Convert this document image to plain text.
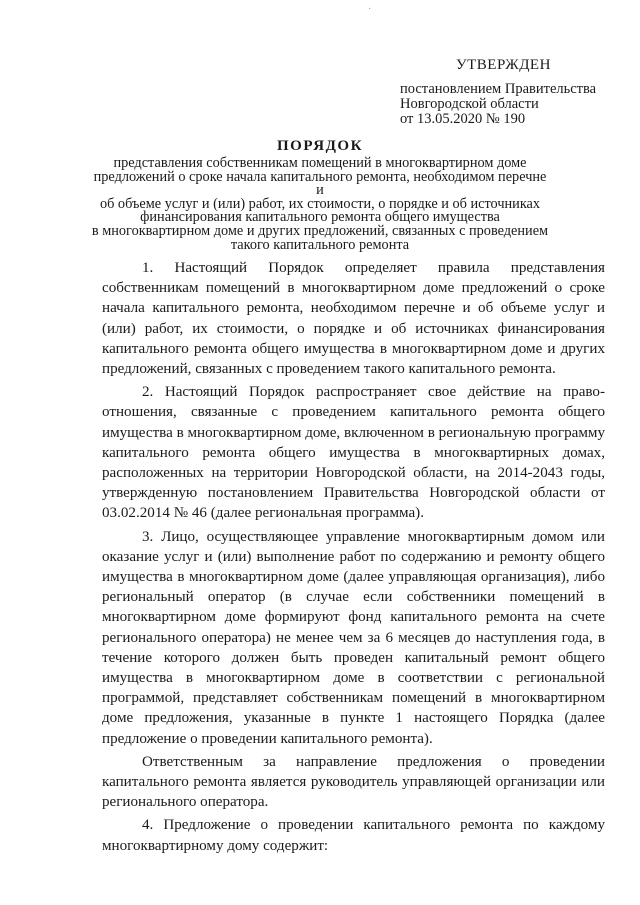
·
УТВЕРЖДЕН
постановлением Правительства
Новгородской области
от 13.05.2020 № 190
ПОРЯДОК
представления собственникам помещений в многоквартирном доме
предложений о сроке начала капитального ремонта, необходимом перечне и
об объеме услуг и (или) работ, их стоимости, о порядке и об источниках
финансирования капитального ремонта общего имущества
в многоквартирном доме и других предложений, связанных с проведением
такого капитального ремонта

1. Настоящий Порядок определяет правила представления собственникам помещений в многоквартирном доме предложений о сроке начала капитального ремонта, необходимом перечне и об объеме услуг и (или) работ, их стоимости, о порядке и об источниках финансирования капитального ремонта общего имущества в многоквартирном доме и других предложений, связанных с проведением такого капитального ремонта.

2. Настоящий Порядок распространяет свое действие на право-отношения, связанные с проведением капитального ремонта общего имущества в многоквартирном доме, включенном в региональную программу капитального ремонта общего имущества в многоквартирных домах, расположенных на территории Новгородской области, на 2014-2043 годы, утвержденную постановлением Правительства Новгородской области от 03.02.2014 № 46 (далее региональная программа).

3. Лицо, осуществляющее управление многоквартирным домом или оказание услуг и (или) выполнение работ по содержанию и ремонту общего имущества в многоквартирном доме (далее управляющая организация), либо региональный оператор (в случае если собственники помещений в многоквартирном доме формируют фонд капитального ремонта на счете регионального оператора) не менее чем за 6 месяцев до наступления года, в течение которого должен быть проведен капитальный ремонт общего имущества в многоквартирном доме в соответствии с региональной программой, представляет собственникам помещений в многоквартирном доме предложения, указанные в пункте 1 настоящего Порядка (далее предложение о проведении капитального ремонта).

Ответственным за направление предложения о проведении капитального ремонта является руководитель управляющей организации или регионального оператора.

4. Предложение о проведении капитального ремонта по каждому многоквартирному дому содержит:
